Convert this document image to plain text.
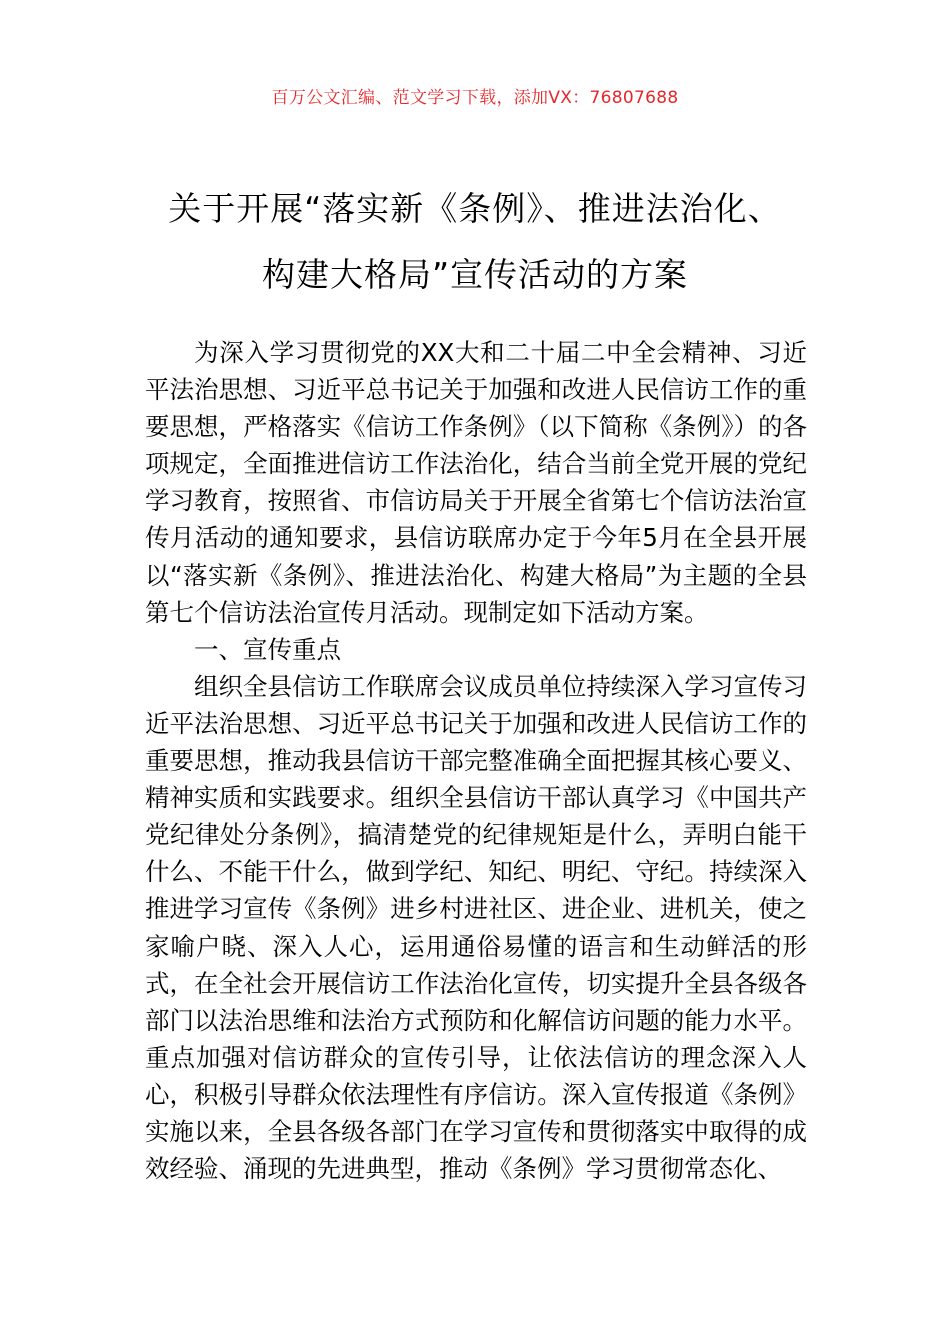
百万公文汇编、范文学习下载，添加VX：76807688
关于开展“落实新《条例》、推进法治化、
构建大格局”宣传活动的方案

为深入学习贯彻党的XX大和二十届二中全会精神、习近平法治思想、习近平总书记关于加强和改进人民信访工作的重要思想，严格落实《信访工作条例》（以下简称《条例》）的各项规定，全面推进信访工作法治化，结合当前全党开展的党纪学习教育，按照省、市信访局关于开展全省第七个信访法治宣传月活动的通知要求，县信访联席办定于今年5月在全县开展以“落实新《条例》、推进法治化、构建大格局”为主题的全县第七个信访法治宣传月活动。现制定如下活动方案。

一、宣传重点

组织全县信访工作联席会议成员单位持续深入学习宣传习近平法治思想、习近平总书记关于加强和改进人民信访工作的重要思想，推动我县信访干部完整准确全面把握其核心要义、精神实质和实践要求。组织全县信访干部认真学习《中国共产党纪律处分条例》，搞清楚党的纪律规矩是什么，弄明白能干什么、不能干什么，做到学纪、知纪、明纪、守纪。持续深入推进学习宣传《条例》进乡村进社区、进企业、进机关，使之家喻户晓、深入人心，运用通俗易懂的语言和生动鲜活的形式，在全社会开展信访工作法治化宣传，切实提升全县各级各部门以法治思维和法治方式预防和化解信访问题的能力水平。重点加强对信访群众的宣传引导，让依法信访的理念深入人心，积极引导群众依法理性有序信访。深入宣传报道《条例》实施以来，全县各级各部门在学习宣传和贯彻落实中取得的成效经验、涌现的先进典型，推动《条例》学习贯彻常态化、
